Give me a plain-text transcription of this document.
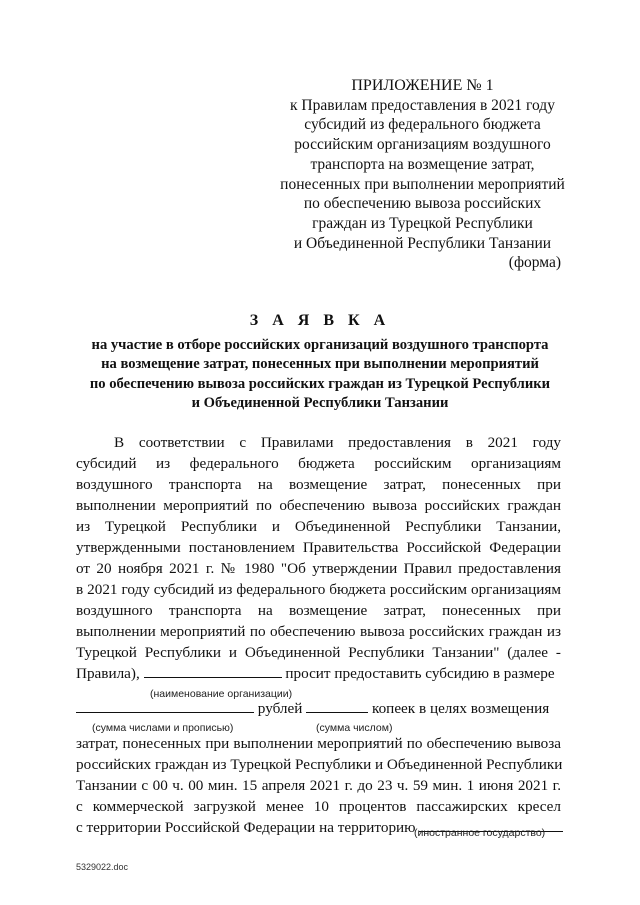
ПРИЛОЖЕНИЕ № 1
к Правилам предоставления в 2021 году
субсидий из федерального бюджета
российским организациям воздушного
транспорта на возмещение затрат,
понесенных при выполнении мероприятий
по обеспечению вывоза российских
граждан из Турецкой Республики
и Объединенной Республики Танзании
(форма)
З А Я В К А
на участие в отборе российских организаций воздушного транспорта
на возмещение затрат, понесенных при выполнении мероприятий
по обеспечению вывоза российских граждан из Турецкой Республики
и Объединенной Республики Танзании
В соответствии с Правилами предоставления в 2021 году
субсидий из федерального бюджета российским организациям
воздушного транспорта на возмещение затрат, понесенных при
выполнении мероприятий по обеспечению вывоза российских граждан
из Турецкой Республики и Объединенной Республики Танзании,
утвержденными постановлением Правительства Российской Федерации
от 20 ноября 2021 г. № 1980 "Об утверждении Правил предоставления
в 2021 году субсидий из федерального бюджета российским организациям
воздушного транспорта на возмещение затрат, понесенных при
выполнении мероприятий по обеспечению вывоза российских граждан из
Турецкой Республики и Объединенной Республики Танзании" (далее -
Правила),	просит предоставить субсидию в размере
рублей	копеек в целях возмещения
затрат, понесенных при выполнении мероприятий по обеспечению вывоза
российских граждан из Турецкой Республики и Объединенной Республики
Танзании с 00 ч. 00 мин. 15 апреля 2021 г. до 23 ч. 59 мин. 1 июня 2021 г.
с коммерческой загрузкой менее 10 процентов пассажирских кресел
с территории Российской Федерации на территорию
(наименование организации)
(сумма числами и прописью)	(сумма числом)
(иностранное государство)
5329022.doc
